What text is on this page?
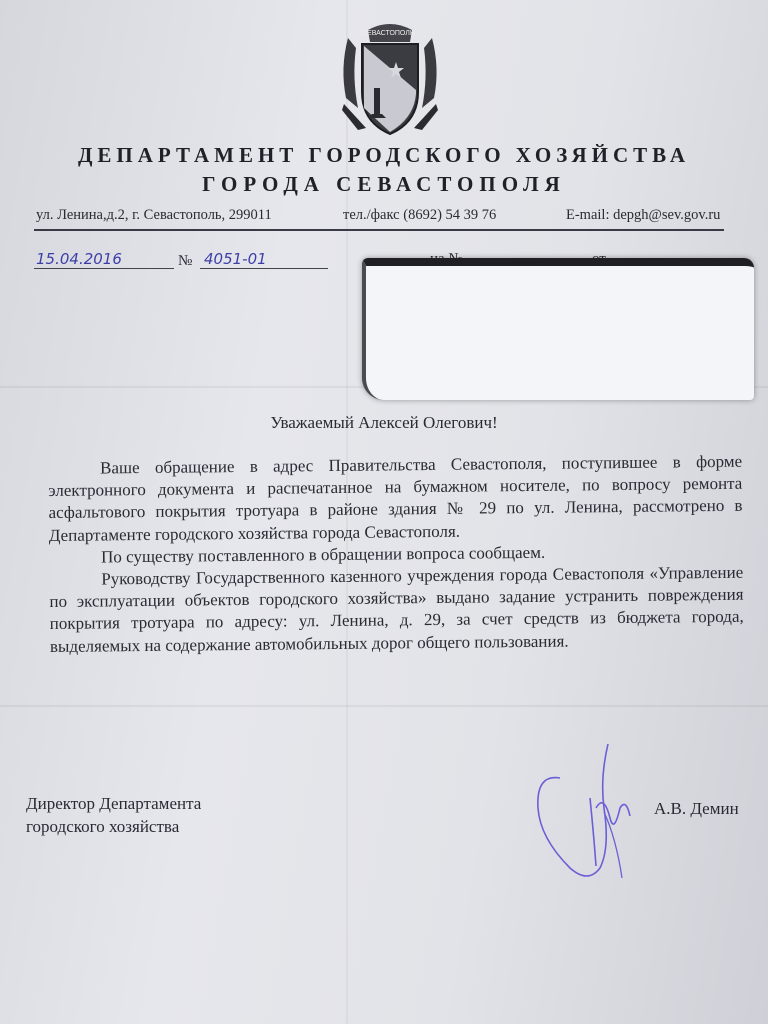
СЕВАСТОПОЛЬ
ДЕПАРТАМЕНТ ГОРОДСКОГО ХОЗЯЙСТВА
ГОРОДА СЕВАСТОПОЛЯ
ул. Ленина,д.2, г. Севастополь, 299011	тел./факс (8692) 54 39 76	E-mail: depgh@sev.gov.ru
15.04.2016	№ 4051-01
Уважаемый Алексей Олегович!

Ваше обращение в адрес Правительства Севастополя, поступившее в форме электронного документа и распечатанное на бумажном носителе, по вопросу ремонта асфальтового покрытия тротуара в районе здания № 29 по ул. Ленина, рассмотрено в Департаменте городского хозяйства города Севастополя.

По существу поставленного в обращении вопроса сообщаем.

Руководству Государственного казенного учреждения города Севастополя «Управление по эксплуатации объектов городского хозяйства» выдано задание устранить повреждения покрытия тротуара по адресу: ул. Ленина, д. 29, за счет средств из бюджета города, выделяемых на содержание автомобильных дорог общего пользования.

Директор Департамента
городского хозяйства
А.В. Демин
